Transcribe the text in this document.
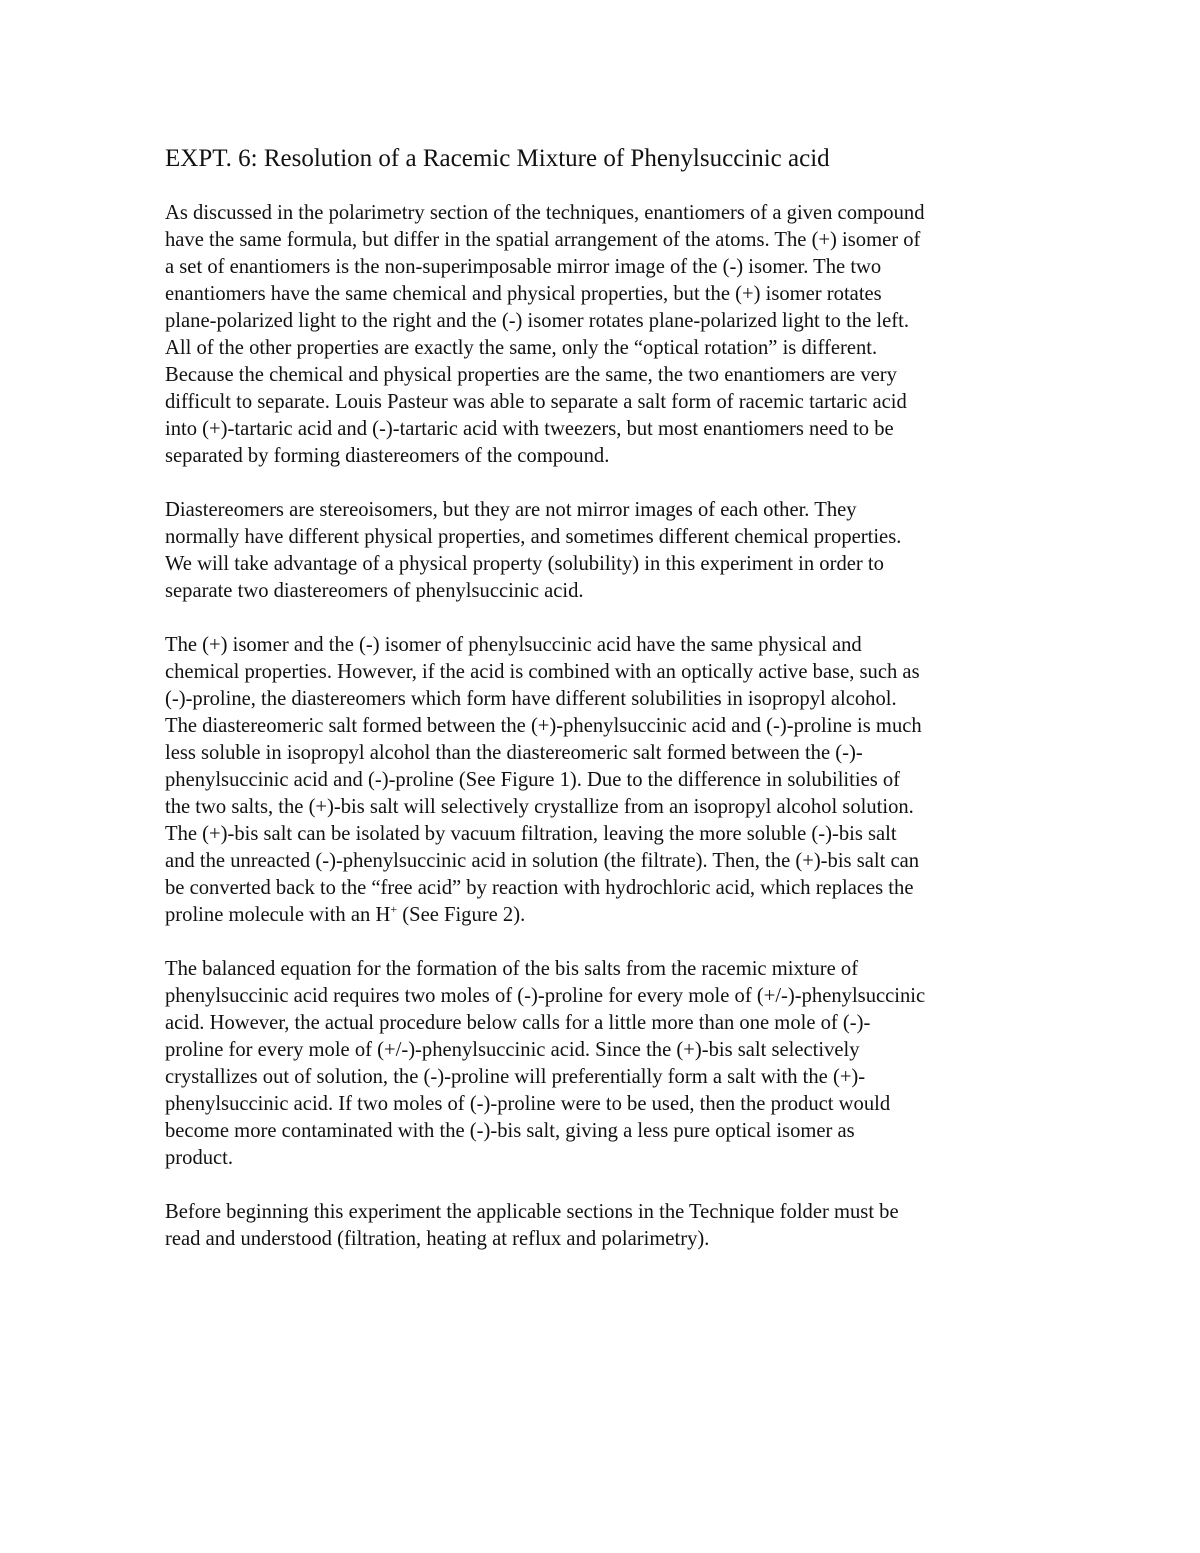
EXPT. 6: Resolution of a Racemic Mixture of Phenylsuccinic acid

As discussed in the polarimetry section of the techniques, enantiomers of a given compound
have the same formula, but differ in the spatial arrangement of the atoms. The (+) isomer of
a set of enantiomers is the non-superimposable mirror image of the (-) isomer. The two
enantiomers have the same chemical and physical properties, but the (+) isomer rotates
plane-polarized light to the right and the (-) isomer rotates plane-polarized light to the left.
All of the other properties are exactly the same, only the “optical rotation” is different.
Because the chemical and physical properties are the same, the two enantiomers are very
difficult to separate. Louis Pasteur was able to separate a salt form of racemic tartaric acid
into (+)-tartaric acid and (-)-tartaric acid with tweezers, but most enantiomers need to be
separated by forming diastereomers of the compound.

Diastereomers are stereoisomers, but they are not mirror images of each other. They
normally have different physical properties, and sometimes different chemical properties.
We will take advantage of a physical property (solubility) in this experiment in order to
separate two diastereomers of phenylsuccinic acid.

The (+) isomer and the (-) isomer of phenylsuccinic acid have the same physical and
chemical properties. However, if the acid is combined with an optically active base, such as
(-)-proline, the diastereomers which form have different solubilities in isopropyl alcohol.
The diastereomeric salt formed between the (+)-phenylsuccinic acid and (-)-proline is much
less soluble in isopropyl alcohol than the diastereomeric salt formed between the (-)-
phenylsuccinic acid and (-)-proline (See Figure 1). Due to the difference in solubilities of
the two salts, the (+)-bis salt will selectively crystallize from an isopropyl alcohol solution.
The (+)-bis salt can be isolated by vacuum filtration, leaving the more soluble (-)-bis salt
and the unreacted (-)-phenylsuccinic acid in solution (the filtrate). Then, the (+)-bis salt can
be converted back to the “free acid” by reaction with hydrochloric acid, which replaces the
proline molecule with an H+ (See Figure 2).

The balanced equation for the formation of the bis salts from the racemic mixture of
phenylsuccinic acid requires two moles of (-)-proline for every mole of (+/-)-phenylsuccinic
acid. However, the actual procedure below calls for a little more than one mole of (-)-
proline for every mole of (+/-)-phenylsuccinic acid. Since the (+)-bis salt selectively
crystallizes out of solution, the (-)-proline will preferentially form a salt with the (+)-
phenylsuccinic acid. If two moles of (-)-proline were to be used, then the product would
become more contaminated with the (-)-bis salt, giving a less pure optical isomer as
product.

Before beginning this experiment the applicable sections in the Technique folder must be
read and understood (filtration, heating at reflux and polarimetry).
